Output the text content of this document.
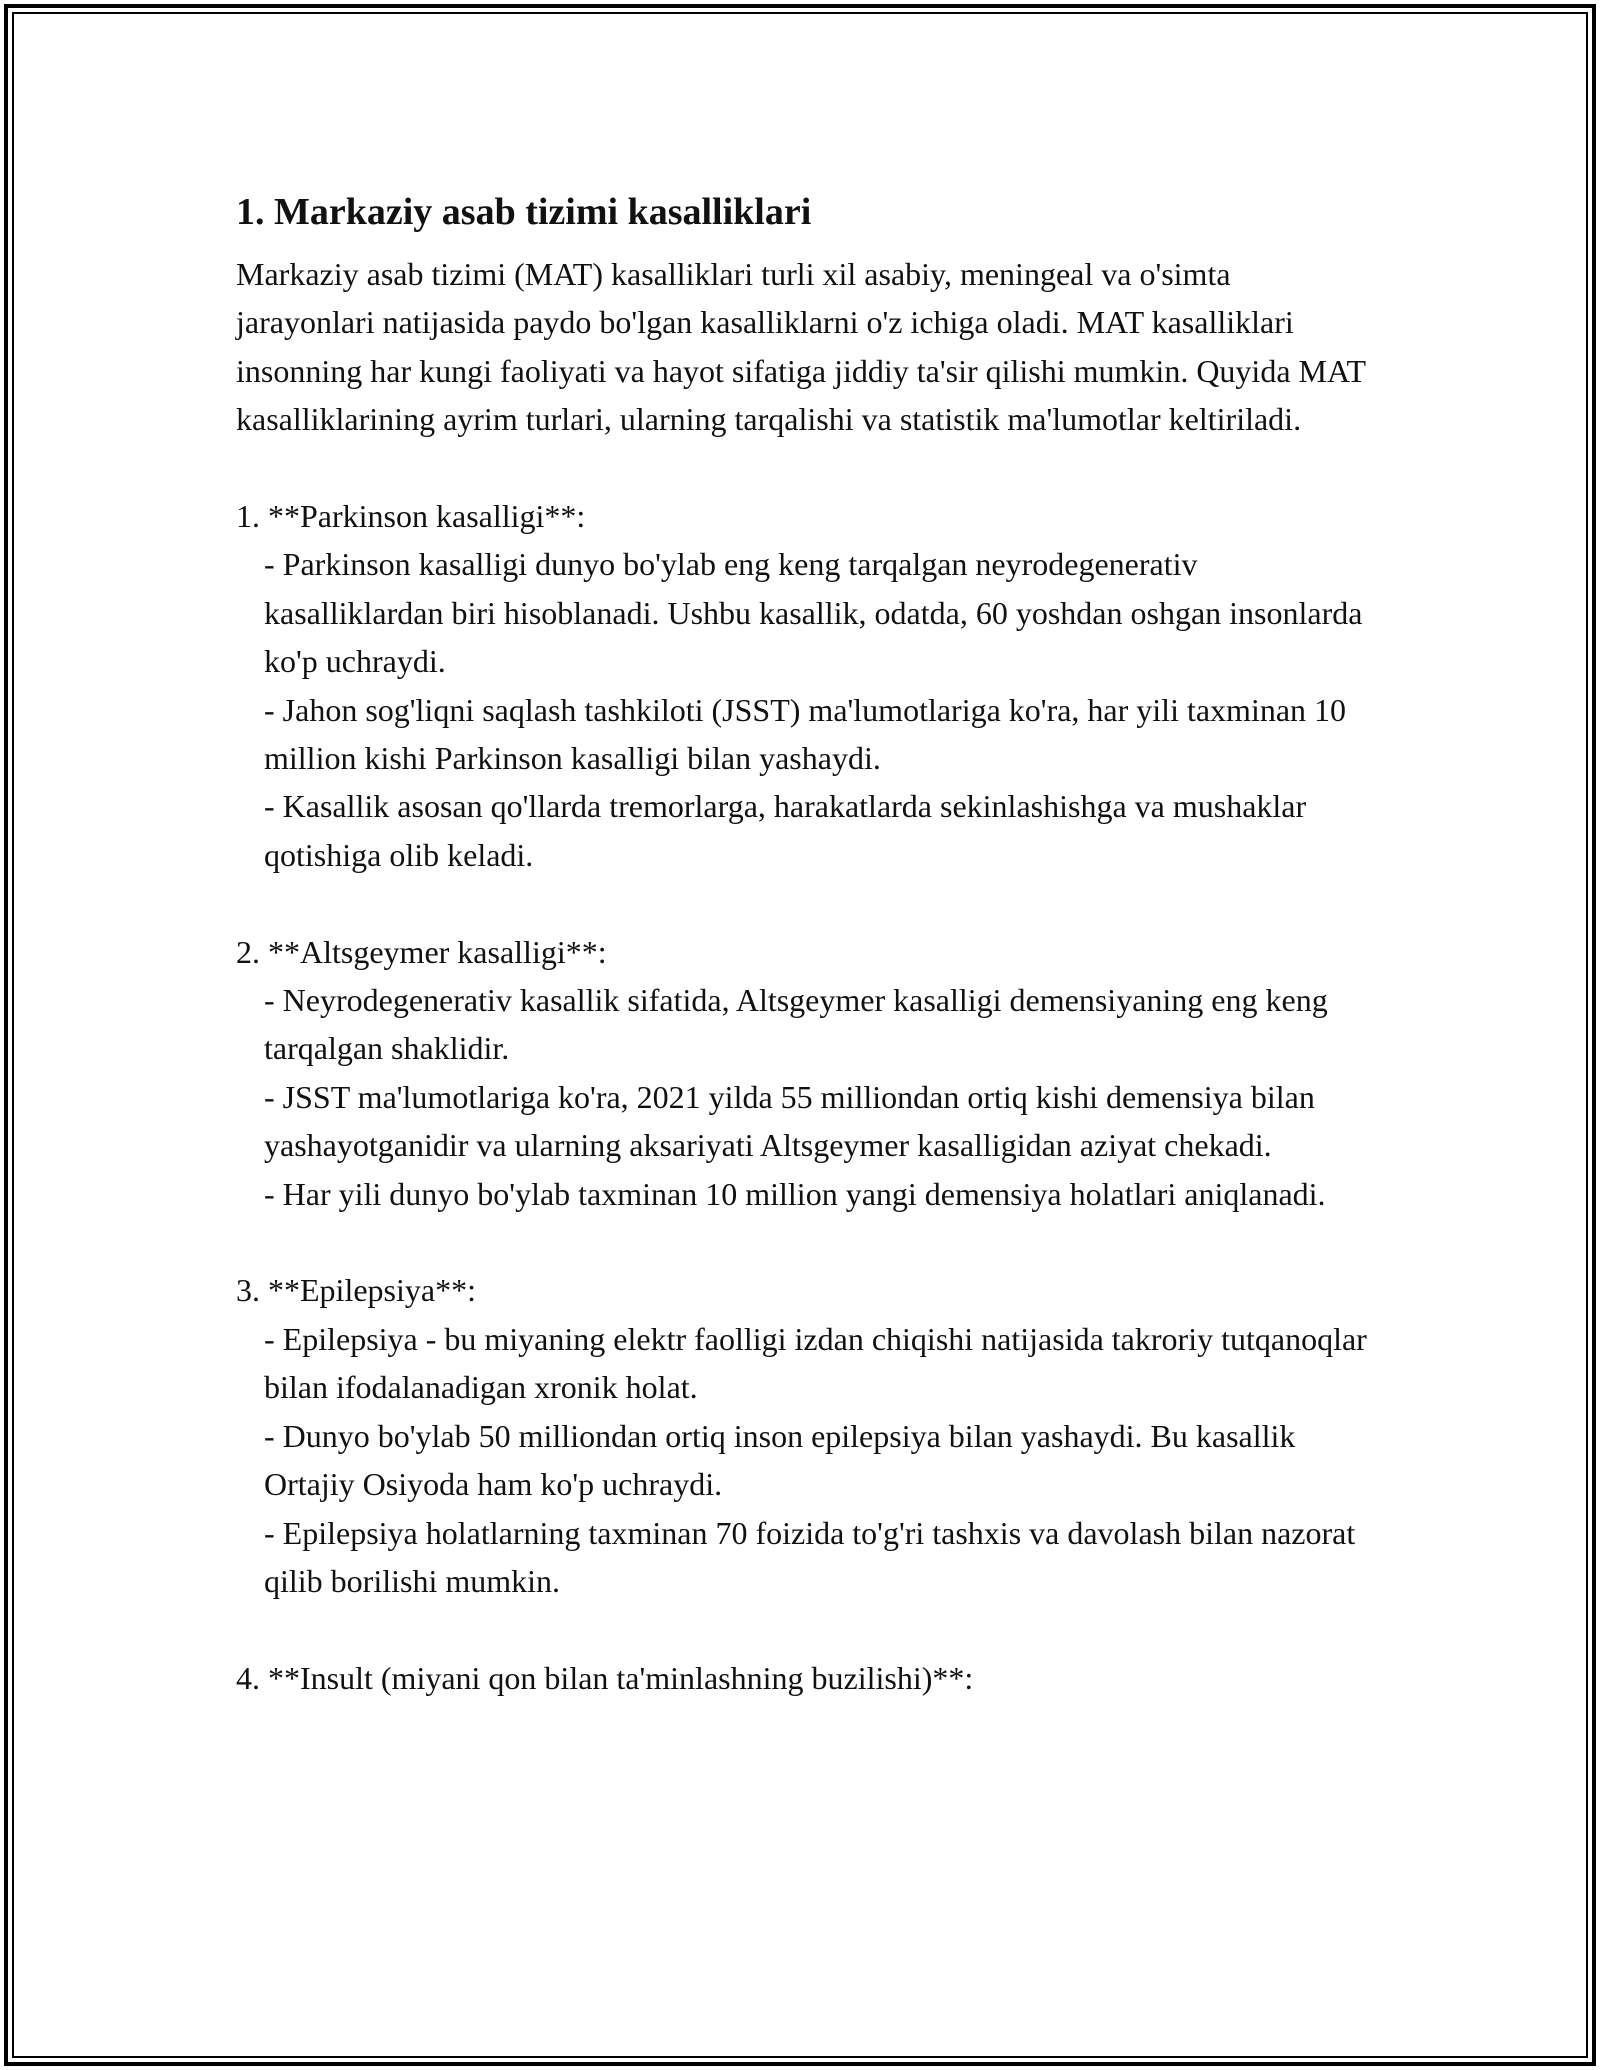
1. Markaziy asab tizimi kasalliklari

Markaziy asab tizimi (MAT) kasalliklari turli xil asabiy, meningeal va o'simta jarayonlari natijasida paydo bo'lgan kasalliklarni o'z ichiga oladi. MAT kasalliklari insonning har kungi faoliyati va hayot sifatiga jiddiy ta'sir qilishi mumkin. Quyida MAT kasalliklarining ayrim turlari, ularning tarqalishi va statistik ma'lumotlar keltiriladi.

1. **Parkinson kasalligi**:

- Parkinson kasalligi dunyo bo'ylab eng keng tarqalgan neyrodegenerativ kasalliklardan biri hisoblanadi. Ushbu kasallik, odatda, 60 yoshdan oshgan insonlarda ko'p uchraydi.

- Jahon sog'liqni saqlash tashkiloti (JSST) ma'lumotlariga ko'ra, har yili taxminan 10 million kishi Parkinson kasalligi bilan yashaydi.

- Kasallik asosan qo'llarda tremorlarga, harakatlarda sekinlashishga va mushaklar qotishiga olib keladi.

2. **Altsgeymer kasalligi**:

- Neyrodegenerativ kasallik sifatida, Altsgeymer kasalligi demensiyaning eng keng tarqalgan shaklidir.

- JSST ma'lumotlariga ko'ra, 2021 yilda 55 milliondan ortiq kishi demensiya bilan yashayotganidir va ularning aksariyati Altsgeymer kasalligidan aziyat chekadi.

- Har yili dunyo bo'ylab taxminan 10 million yangi demensiya holatlari aniqlanadi.

3. **Epilepsiya**:

- Epilepsiya - bu miyaning elektr faolligi izdan chiqishi natijasida takroriy tutqanoqlar bilan ifodalanadigan xronik holat.

- Dunyo bo'ylab 50 milliondan ortiq inson epilepsiya bilan yashaydi. Bu kasallik Ortajiy Osiyoda ham ko'p uchraydi.

- Epilepsiya holatlarning taxminan 70 foizida to'g'ri tashxis va davolash bilan nazorat qilib borilishi mumkin.

4. **Insult (miyani qon bilan ta'minlashning buzilishi)**:
